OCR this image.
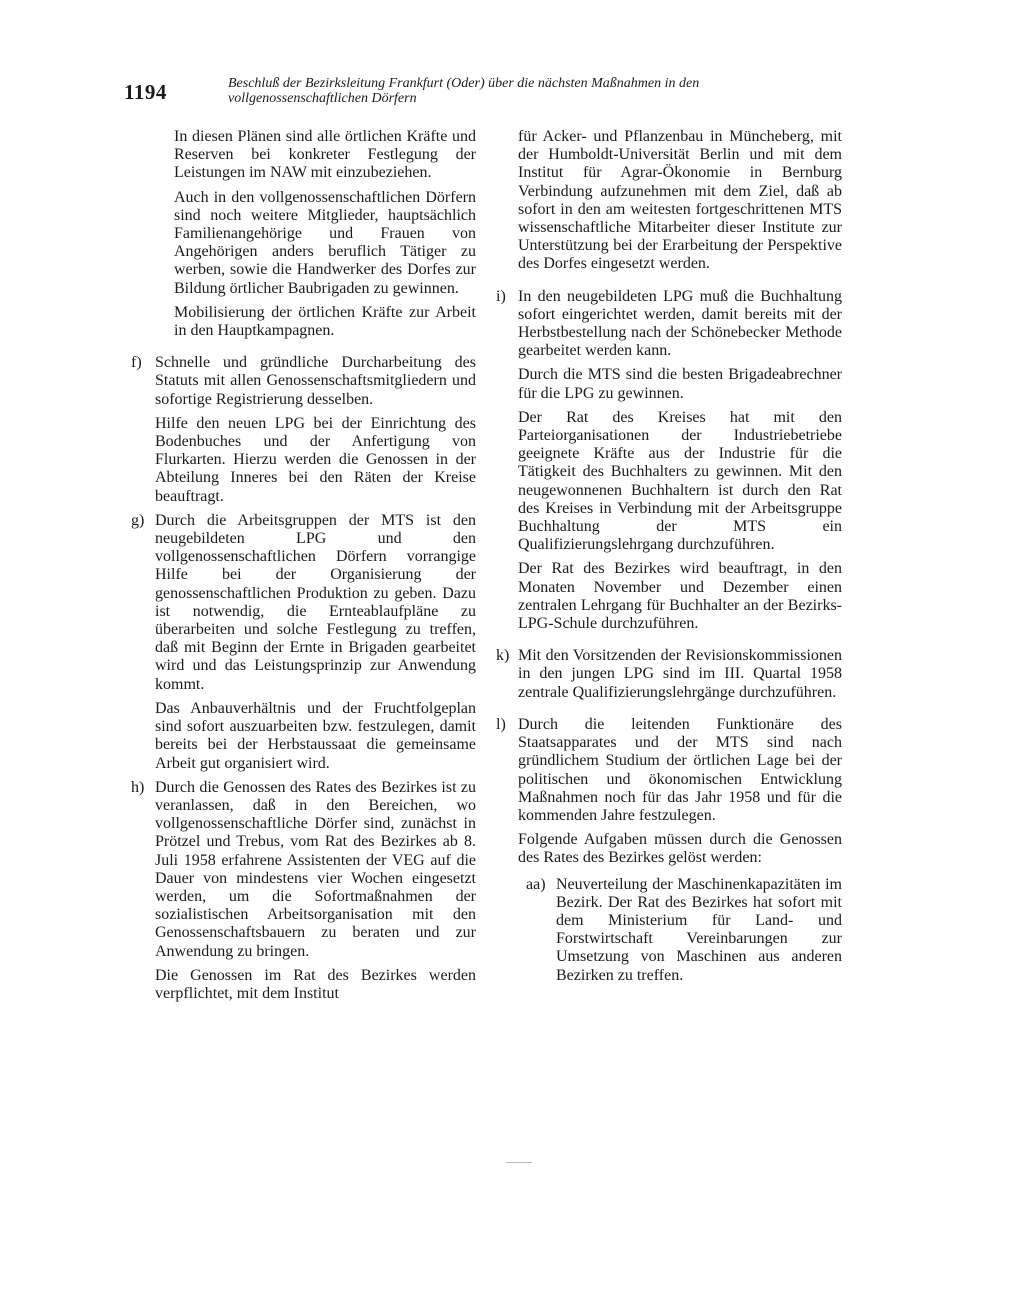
1194	Beschluß der Bezirksleitung Frankfurt (Oder) über die nächsten Maßnahmen in den vollgenossenschaftlichen Dörfern

In diesen Plänen sind alle örtlichen Kräfte und Reserven bei konkreter Festlegung der Leistungen im NAW mit einzubeziehen.

Auch in den vollgenossenschaftlichen Dörfern sind noch weitere Mitglieder, hauptsächlich Familienangehörige und Frauen von Angehörigen anders beruflich Tätiger zu werben, sowie die Handwerker des Dorfes zur Bildung örtlicher Baubrigaden zu gewinnen.

Mobilisierung der örtlichen Kräfte zur Arbeit in den Hauptkampagnen.

f) Schnelle und gründliche Durcharbeitung des Statuts mit allen Genossenschaftsmitgliedern und sofortige Registrierung desselben.

Hilfe den neuen LPG bei der Einrichtung des Bodenbuches und der Anfertigung von Flurkarten. Hierzu werden die Genossen in der Abteilung Inneres bei den Räten der Kreise beauftragt.

g) Durch die Arbeitsgruppen der MTS ist den neugebildeten LPG und den vollgenossenschaftlichen Dörfern vorrangige Hilfe bei der Organisierung der genossenschaftlichen Produktion zu geben. Dazu ist notwendig, die Ernteablaufpläne zu überarbeiten und solche Festlegung zu treffen, daß mit Beginn der Ernte in Brigaden gearbeitet wird und das Leistungsprinzip zur Anwendung kommt.

Das Anbauverhältnis und der Fruchtfolgeplan sind sofort auszuarbeiten bzw. festzulegen, damit bereits bei der Herbstaussaat die gemeinsame Arbeit gut organisiert wird.

h) Durch die Genossen des Rates des Bezirkes ist zu veranlassen, daß in den Bereichen, wo vollgenossenschaftliche Dörfer sind, zunächst in Prötzel und Trebus, vom Rat des Bezirkes ab 8. Juli 1958 erfahrene Assistenten der VEG auf die Dauer von mindestens vier Wochen eingesetzt werden, um die Sofortmaßnahmen der sozialistischen Arbeitsorganisation mit den Genossenschaftsbauern zu beraten und zur Anwendung zu bringen.

Die Genossen im Rat des Bezirkes werden verpflichtet, mit dem Institut

für Acker- und Pflanzenbau in Müncheberg, mit der Humboldt-Universität Berlin und mit dem Institut für Agrar-Ökonomie in Bernburg Verbindung aufzunehmen mit dem Ziel, daß ab sofort in den am weitesten fortgeschrittenen MTS wissenschaftliche Mitarbeiter dieser Institute zur Unterstützung bei der Erarbeitung der Perspektive des Dorfes eingesetzt werden.

i) In den neugebildeten LPG muß die Buchhaltung sofort eingerichtet werden, damit bereits mit der Herbstbestellung nach der Schönebecker Methode gearbeitet werden kann.

Durch die MTS sind die besten Brigadeabrechner für die LPG zu gewinnen.

Der Rat des Kreises hat mit den Parteiorganisationen der Industriebetriebe geeignete Kräfte aus der Industrie für die Tätigkeit des Buchhalters zu gewinnen. Mit den neugewonnenen Buchhaltern ist durch den Rat des Kreises in Verbindung mit der Arbeitsgruppe Buchhaltung der MTS ein Qualifizierungslehrgang durchzuführen.

Der Rat des Bezirkes wird beauftragt, in den Monaten November und Dezember einen zentralen Lehrgang für Buchhalter an der Bezirks-LPG-Schule durchzuführen.

k) Mit den Vorsitzenden der Revisionskommissionen in den jungen LPG sind im III. Quartal 1958 zentrale Qualifizierungslehrgänge durchzuführen.
l) Durch die leitenden Funktionäre des Staatsapparates und der MTS sind nach gründlichem Studium der örtlichen Lage bei der politischen und ökonomischen Entwicklung Maßnahmen noch für das Jahr 1958 und für die kommenden Jahre festzulegen.

Folgende Aufgaben müssen durch die Genossen des Rates des Bezirkes gelöst werden:

aa) Neuverteilung der Maschinenkapazitäten im Bezirk. Der Rat des Bezirkes hat sofort mit dem Ministerium für Land- und Forstwirtschaft Vereinbarungen zur Umsetzung von Maschinen aus anderen Bezirken zu treffen.
